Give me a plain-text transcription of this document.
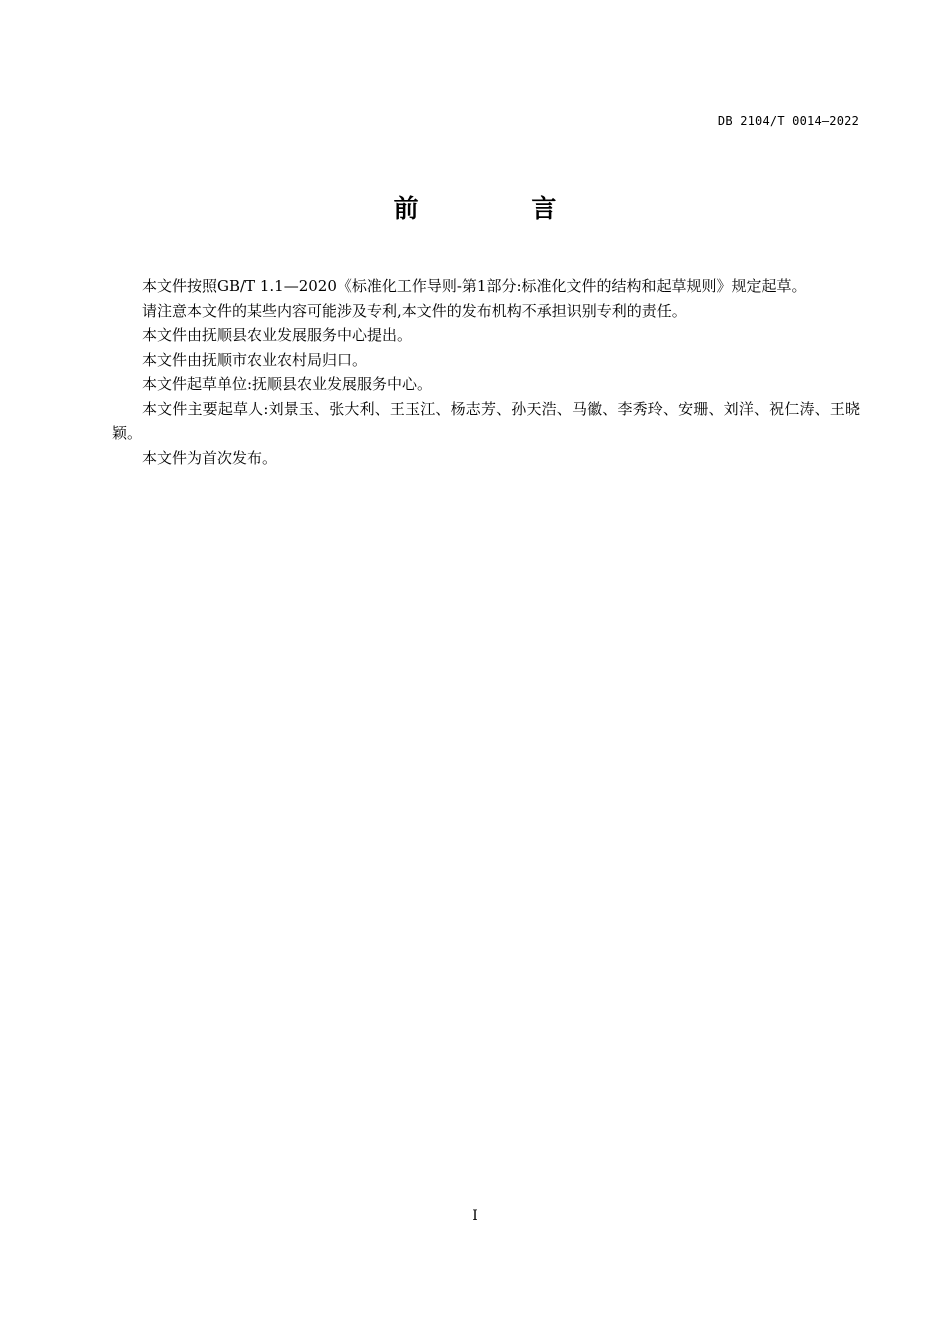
DB 2104/T 0014—2022
前 言

本文件按照GB/T 1.1—2020《标准化工作导则-第1部分:标准化文件的结构和起草规则》规定起草。

请注意本文件的某些内容可能涉及专利,本文件的发布机构不承担识别专利的责任。

本文件由抚顺县农业发展服务中心提出。

本文件由抚顺市农业农村局归口。

本文件起草单位:抚顺县农业发展服务中心。

本文件主要起草人:刘景玉、张大利、王玉江、杨志芳、孙天浩、马徽、李秀玲、安珊、刘洋、祝仁涛、王晓颖。

本文件为首次发布。

I
